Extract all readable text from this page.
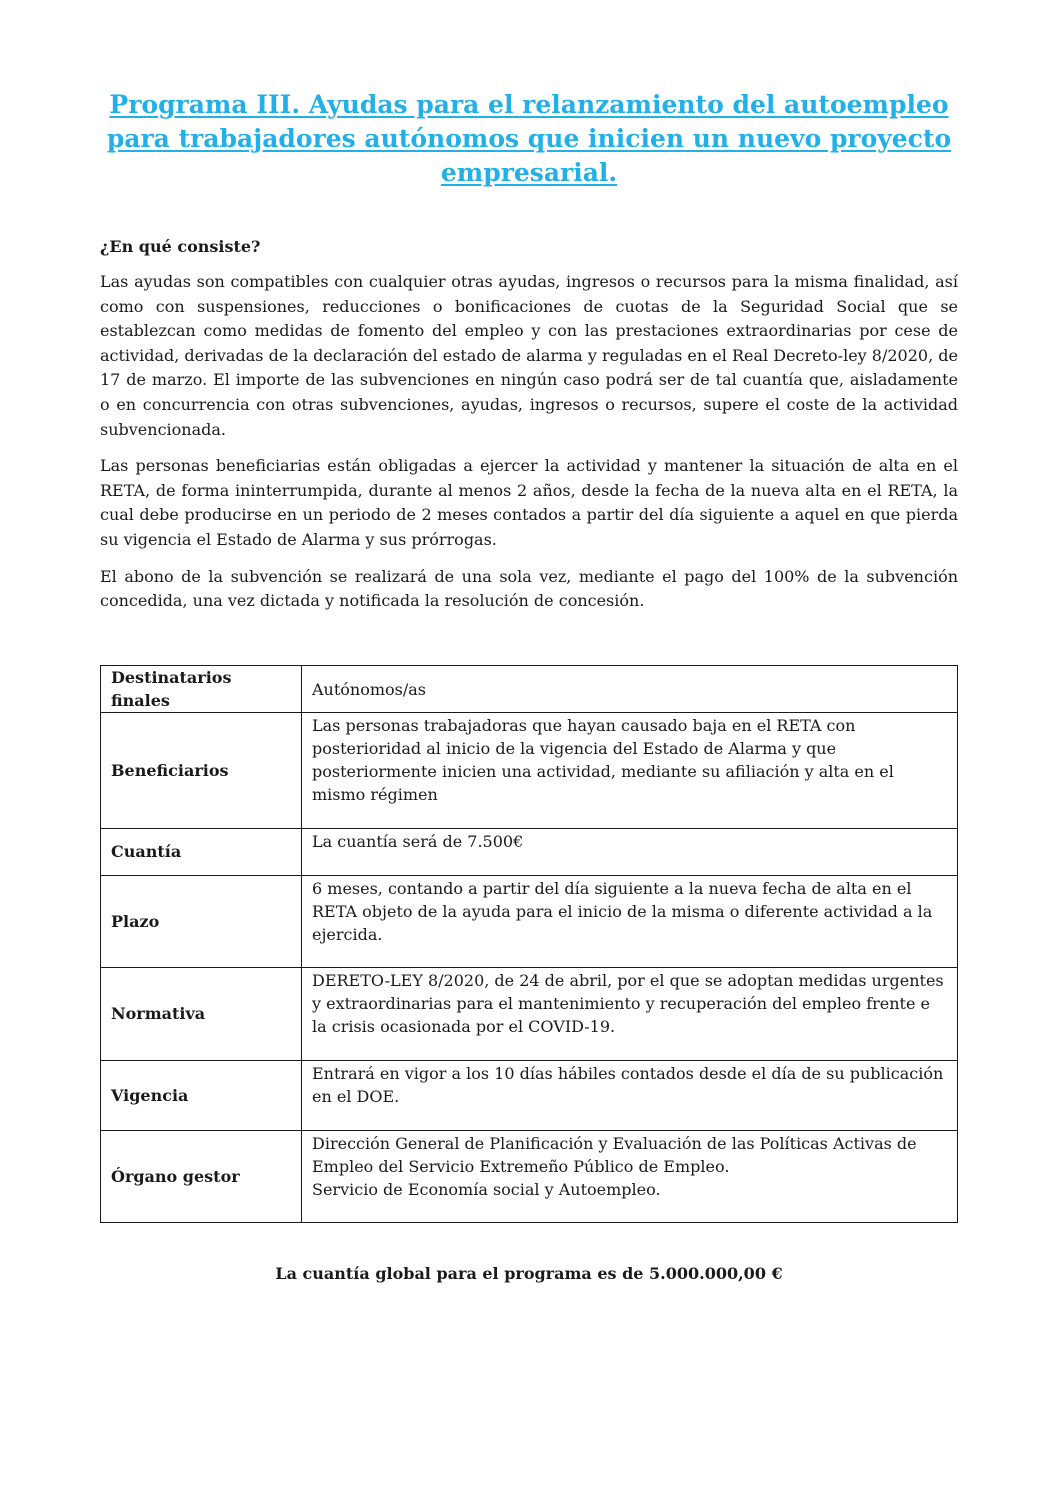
Programa III. Ayudas para el relanzamiento del autoempleo para trabajadores autónomos que inicien un nuevo proyecto empresarial.
¿En qué consiste?

Las ayudas son compatibles con cualquier otras ayudas, ingresos o recursos para la misma finalidad, así como con suspensiones, reducciones o bonificaciones de cuotas de la Seguridad Social que se establezcan como medidas de fomento del empleo y con las prestaciones extraordinarias por cese de actividad, derivadas de la declaración del estado de alarma y reguladas en el Real Decreto-ley 8/2020, de 17 de marzo. El importe de las subvenciones en ningún caso podrá ser de tal cuantía que, aisladamente o en concurrencia con otras subvenciones, ayudas, ingresos o recursos, supere el coste de la actividad subvencionada.

Las personas beneficiarias están obligadas a ejercer la actividad y mantener la situación de alta en el RETA, de forma ininterrumpida, durante al menos 2 años, desde la fecha de la nueva alta en el RETA, la cual debe producirse en un periodo de 2 meses contados a partir del día siguiente a aquel en que pierda su vigencia el Estado de Alarma y sus prórrogas.

El abono de la subvención se realizará de una sola vez, mediante el pago del 100% de la subvención concedida, una vez dictada y notificada la resolución de concesión.

Destinatarios finales	Autónomos/as
Beneficiarios	Las personas trabajadoras que hayan causado baja en el RETA con posterioridad al inicio de la vigencia del Estado de Alarma y que posteriormente inicien una actividad, mediante su afiliación y alta en el mismo régimen
Cuantía	La cuantía será de 7.500€
Plazo	6 meses, contando a partir del día siguiente a la nueva fecha de alta en el RETA objeto de la ayuda para el inicio de la misma o diferente actividad a la ejercida.
Normativa	DERETO-LEY 8/2020, de 24 de abril, por el que se adoptan medidas urgentes y extraordinarias para el mantenimiento y recuperación del empleo frente e la crisis ocasionada por el COVID-19.
Vigencia	Entrará en vigor a los 10 días hábiles contados desde el día de su publicación en el DOE.
Órgano gestor	Dirección General de Planificación y Evaluación de las Políticas Activas de Empleo del Servicio Extremeño Público de Empleo.
Servicio de Economía social y Autoempleo.
La cuantía global para el programa es de 5.000.000,00 €
